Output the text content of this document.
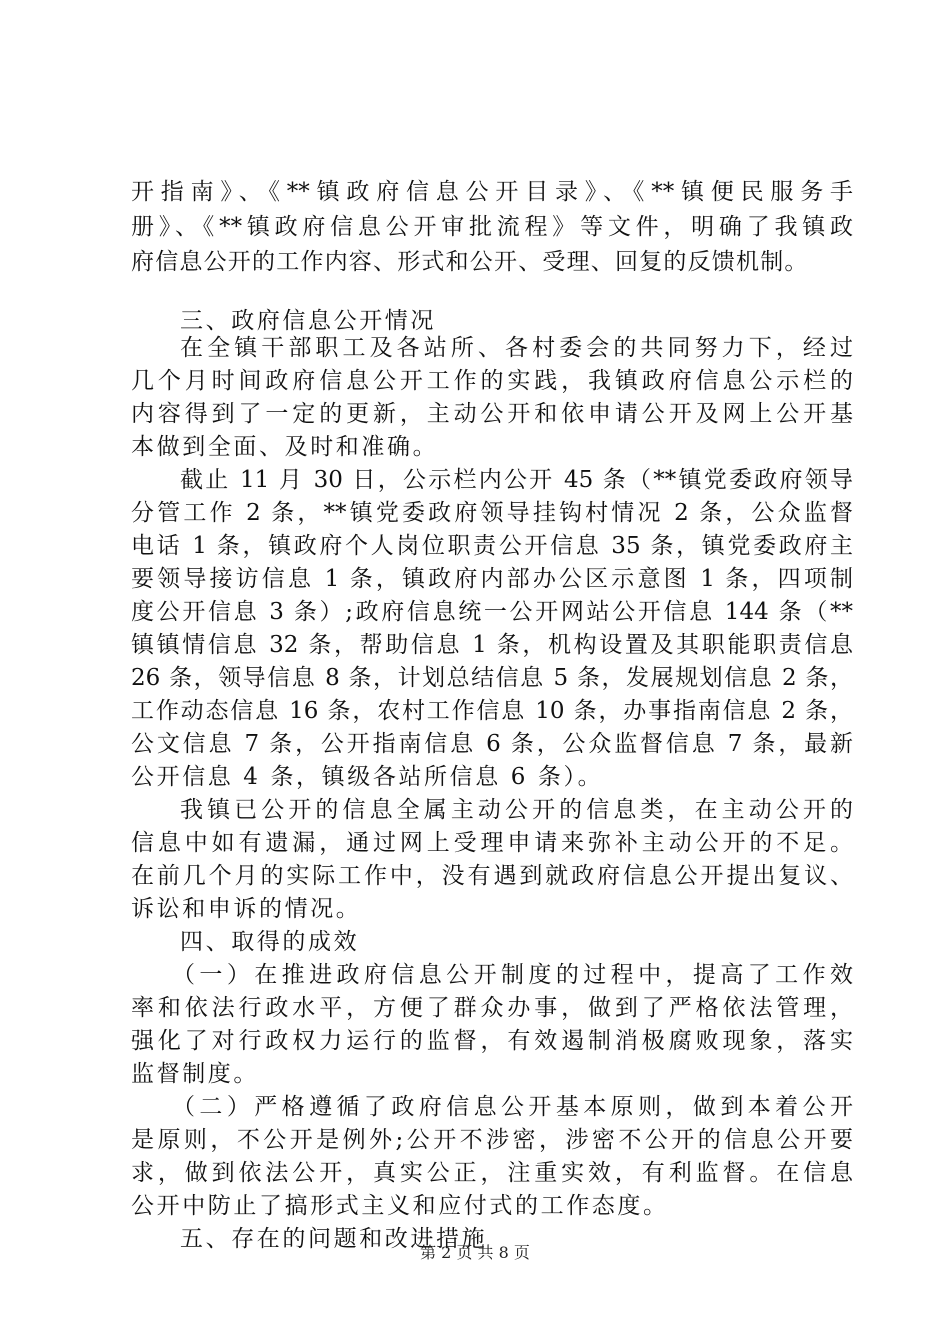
开指南》、《**镇政府信息公开目录》、《**镇便民服务手
册》、《**镇政府信息公开审批流程》等文件，明确了我镇政
府信息公开的工作内容、形式和公开、受理、回复的反馈机制。
三、政府信息公开情况
在全镇干部职工及各站所、各村委会的共同努力下，经过
几个月时间政府信息公开工作的实践，我镇政府信息公示栏的
内容得到了一定的更新，主动公开和依申请公开及网上公开基
本做到全面、及时和准确。
截止 11 月 30 日，公示栏内公开 45 条（**镇党委政府领导
分管工作 2 条，**镇党委政府领导挂钩村情况 2 条，公众监督
电话 1 条，镇政府个人岗位职责公开信息 35 条，镇党委政府主
要领导接访信息 1 条，镇政府内部办公区示意图 1 条，四项制
度公开信息 3 条）;政府信息统一公开网站公开信息 144 条（**
镇镇情信息 32 条，帮助信息 1 条，机构设置及其职能职责信息
26 条，领导信息 8 条，计划总结信息 5 条，发展规划信息 2 条，
工作动态信息 16 条，农村工作信息 10 条，办事指南信息 2 条，
公文信息 7 条，公开指南信息 6 条，公众监督信息 7 条，最新
公开信息 4 条，镇级各站所信息 6 条）。
我镇已公开的信息全属主动公开的信息类，在主动公开的
信息中如有遗漏，通过网上受理申请来弥补主动公开的不足。
在前几个月的实际工作中，没有遇到就政府信息公开提出复议、
诉讼和申诉的情况。
四、取得的成效
（一）在推进政府信息公开制度的过程中，提高了工作效
率和依法行政水平，方便了群众办事，做到了严格依法管理，
强化了对行政权力运行的监督，有效遏制消极腐败现象，落实
监督制度。
（二）严格遵循了政府信息公开基本原则，做到本着公开
是原则，不公开是例外;公开不涉密，涉密不公开的信息公开要
求，做到依法公开，真实公正，注重实效，有利监督。在信息
公开中防止了搞形式主义和应付式的工作态度。
五、存在的问题和改进措施
第 2 页 共 8 页
